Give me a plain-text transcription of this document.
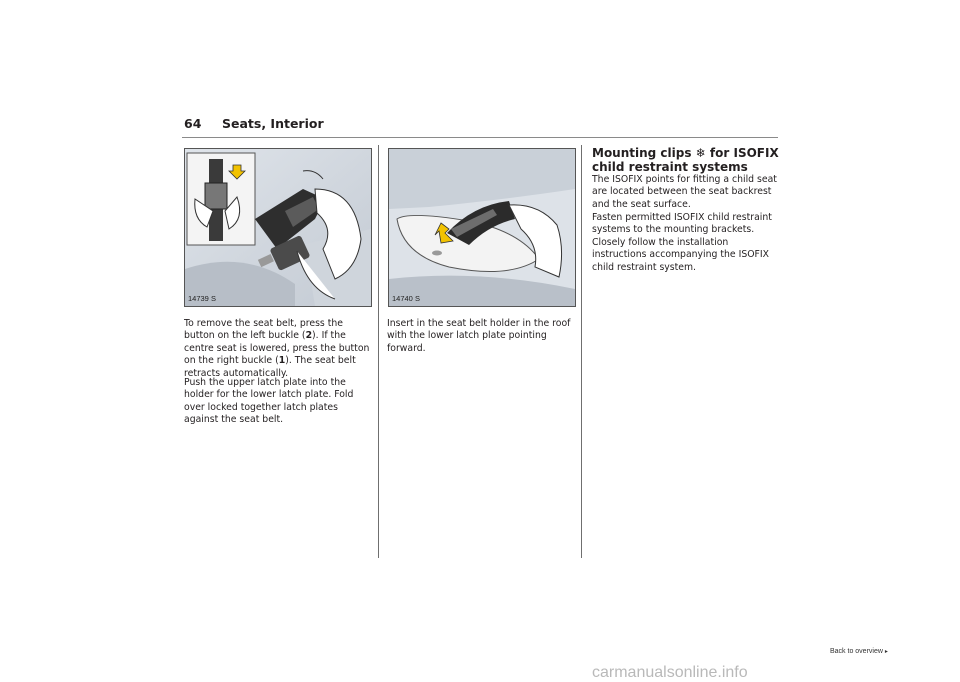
64 Seats, Interior
14739 S	14740 S

To remove the seat belt, press the button on the left buckle (2). If the centre seat is lowered, press the button on the right buckle (1). The seat belt retracts automatically.

Push the upper latch plate into the holder for the lower latch plate. Fold over locked together latch plates against the seat belt.

Insert in the seat belt holder in the roof with the lower latch plate pointing forward.

Mounting clips ❄ for ISOFIX child restraint systems

The ISOFIX points for fitting a child seat are located between the seat backrest and the seat surface.

Fasten permitted ISOFIX child restraint systems to the mounting brackets.

Closely follow the installation instructions accompanying the ISOFIX child restraint system.

Back to overview ▸
carmanualsonline.info
